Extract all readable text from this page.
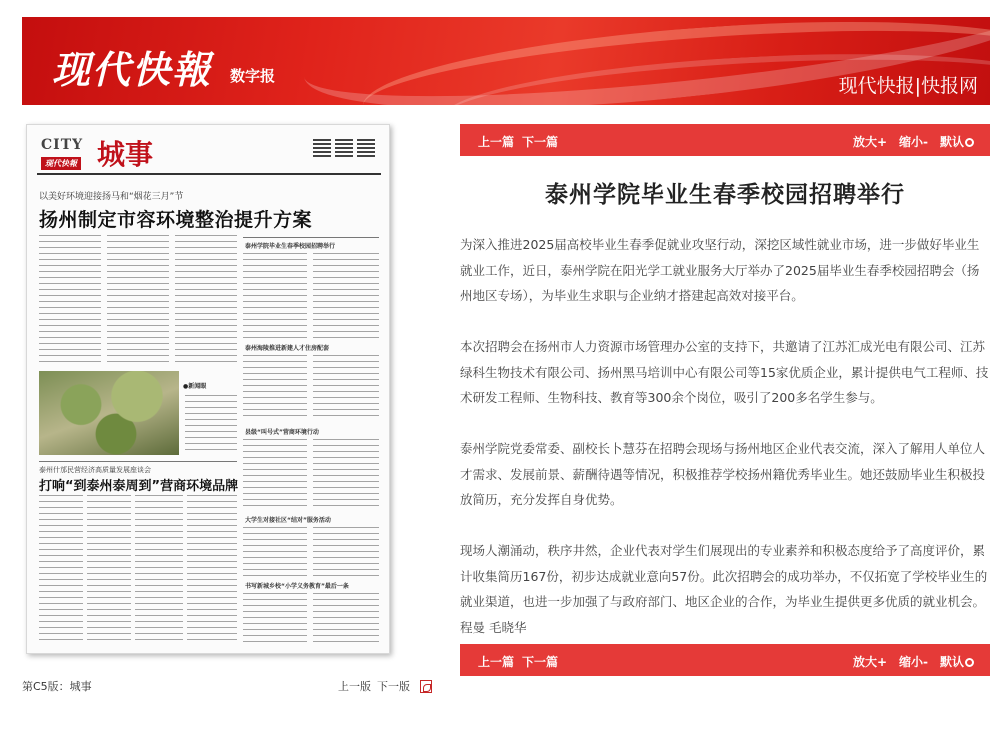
现代快報 数字报	现代快报|快报网
CITY
现代快報 城事
以美好环境迎接扬马和“烟花三月”节
扬州制定市容环境整治提升方案
泰州学院毕业生春季校园招聘举行
泰州海陵推进新建人才住房配套
●新闻眼
县级“叫号式”营商环境行动
泰州什邡民营经济高质量发展座谈会
打响“到泰州泰周到”营商环境品牌
大学生对接社区“结对”服务活动
书写新城乡校“小学义务教育”最后一条
第C5版：城事	上一版 下一版
上一篇 下一篇	放大+ 缩小- 默认
泰州学院毕业生春季校园招聘举行

为深入推进2025届高校毕业生春季促就业攻坚行动，深挖区域性就业市场，进一步做好毕业生就业工作，近日，泰州学院在阳光学工就业服务大厅举办了2025届毕业生春季校园招聘会（扬州地区专场），为毕业生求职与企业纳才搭建起高效对接平台。

本次招聘会在扬州市人力资源市场管理办公室的支持下，共邀请了江苏汇成光电有限公司、江苏绿科生物技术有限公司、扬州黑马培训中心有限公司等15家优质企业，累计提供电气工程师、技术研发工程师、生物科技、教育等300余个岗位，吸引了200多名学生参与。

泰州学院党委常委、副校长卜慧芬在招聘会现场与扬州地区企业代表交流，深入了解用人单位人才需求、发展前景、薪酬待遇等情况，积极推荐学校扬州籍优秀毕业生。她还鼓励毕业生积极投放简历，充分发挥自身优势。

现场人潮涌动，秩序井然，企业代表对学生们展现出的专业素养和积极态度给予了高度评价，累计收集简历167份，初步达成就业意向57份。此次招聘会的成功举办，不仅拓宽了学校毕业生的就业渠道，也进一步加强了与政府部门、地区企业的合作，为毕业生提供更多优质的就业机会。 程曼 毛晓华

上一篇 下一篇	放大+ 缩小- 默认
